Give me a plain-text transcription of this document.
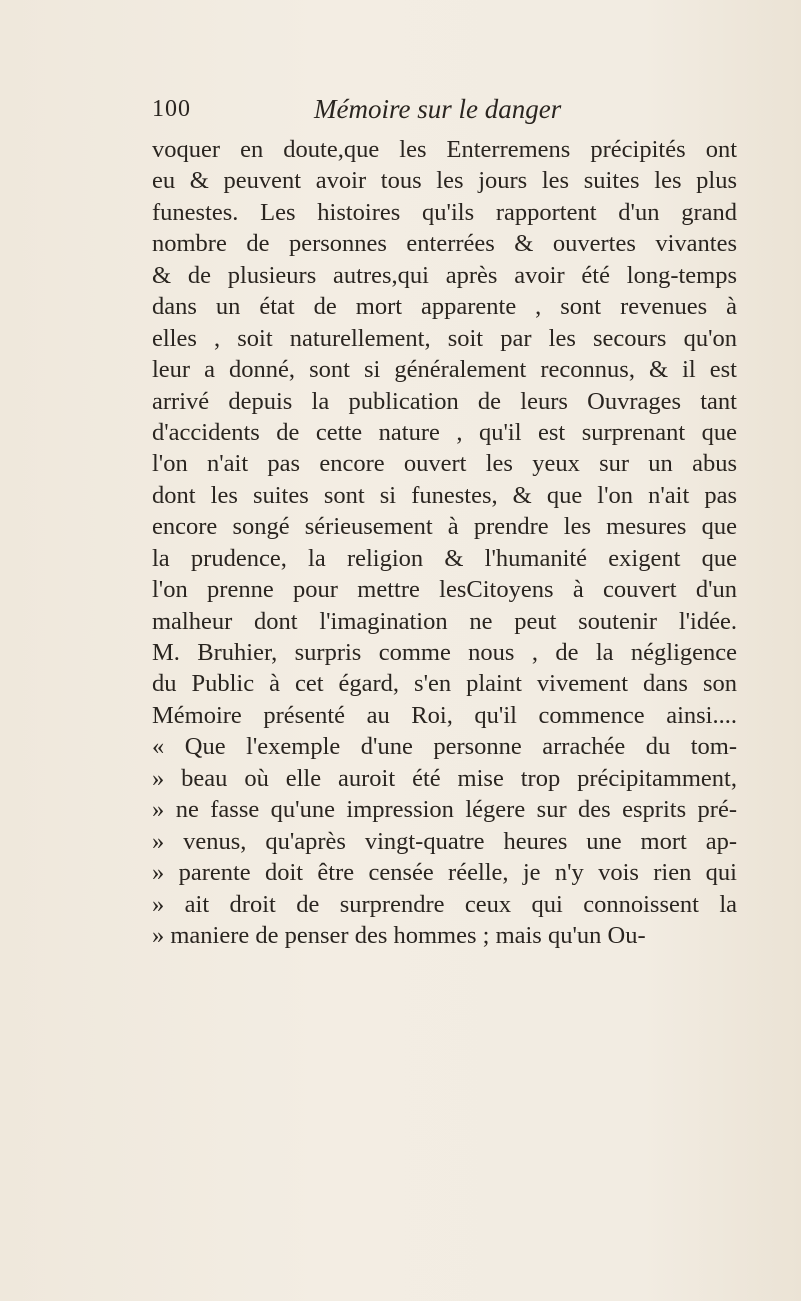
100	Mémoire sur le danger
voquer en doute,que les Enterremens précipités ont
eu & peuvent avoir tous les jours les suites les plus
funestes. Les histoires qu'ils rapportent d'un grand
nombre de personnes enterrées & ouvertes vivantes
& de plusieurs autres,qui après avoir été long-temps
dans un état de mort apparente , sont revenues à
elles , soit naturellement, soit par les secours qu'on
leur a donné, sont si généralement reconnus, & il est
arrivé depuis la publication de leurs Ouvrages tant
d'accidents de cette nature , qu'il est surprenant que
l'on n'ait pas encore ouvert les yeux sur un abus
dont les suites sont si funestes, & que l'on n'ait pas
encore songé sérieusement à prendre les mesures que
la prudence, la religion & l'humanité exigent que
l'on prenne pour mettre lesCitoyens à couvert d'un
malheur dont l'imagination ne peut soutenir l'idée.
M. Bruhier, surpris comme nous , de la négligence
du Public à cet égard, s'en plaint vivement dans son
Mémoire présenté au Roi, qu'il commence ainsi....
« Que l'exemple d'une personne arrachée du tom-
» beau où elle auroit été mise trop précipitamment,
» ne fasse qu'une impression légere sur des esprits pré-
» venus, qu'après vingt-quatre heures une mort ap-
» parente doit être censée réelle, je n'y vois rien qui
» ait droit de surprendre ceux qui connoissent la
» maniere de penser des hommes ; mais qu'un Ou-
